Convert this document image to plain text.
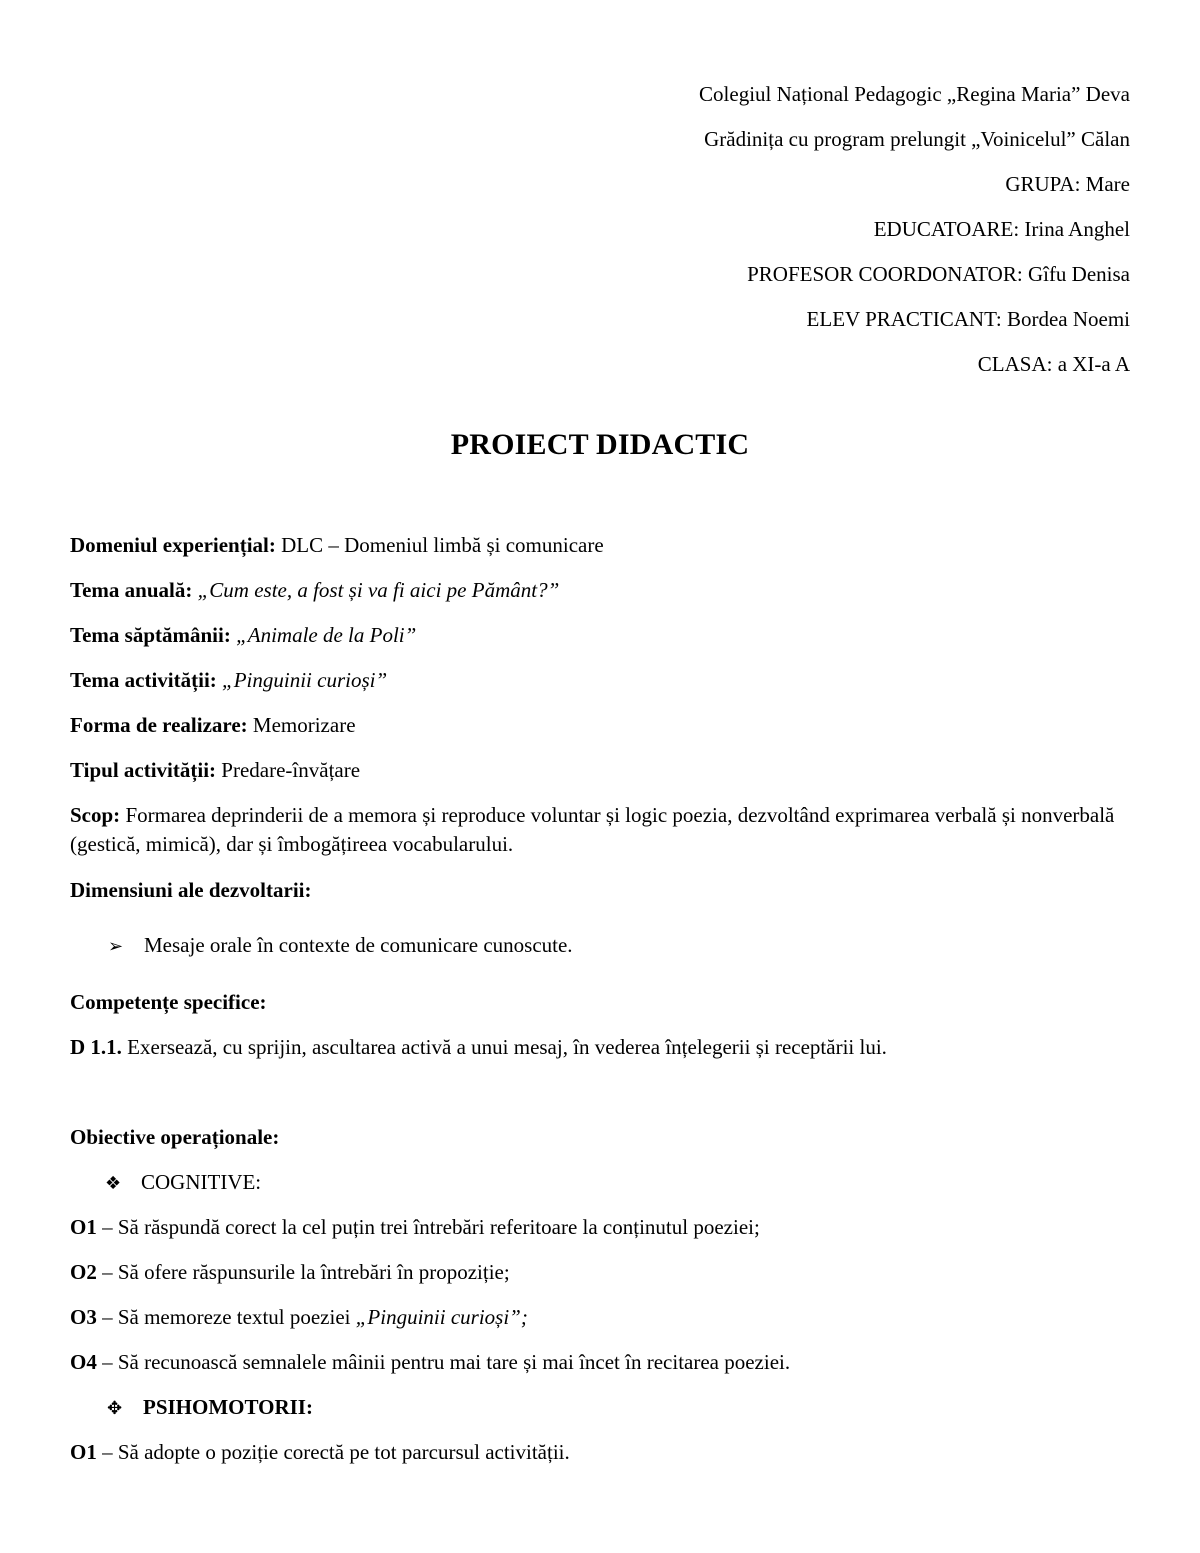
Colegiul Național Pedagogic „Regina Maria” Deva
Grădinița cu program prelungit „Voinicelul” Călan
GRUPA: Mare
EDUCATOARE: Irina Anghel
PROFESOR COORDONATOR: Gîfu Denisa
ELEV PRACTICANT: Bordea Noemi
CLASA: a XI-a A
PROIECT DIDACTIC
Domeniul experiențial: DLC – Domeniul limbă și comunicare
Tema anuală: „Cum este, a fost și va fi aici pe Pământ?”
Tema săptămânii: „Animale de la Poli”
Tema activității: „Pinguinii curioși”
Forma de realizare: Memorizare
Tipul activității: Predare-învățare
Scop: Formarea deprinderii de a memora și reproduce voluntar și logic poezia, dezvoltând exprimarea verbală și nonverbală (gestică, mimică), dar și îmbogățireea vocabularului.
Dimensiuni ale dezvoltarii:
➢ Mesaje orale în contexte de comunicare cunoscute.
Competențe specifice:
D 1.1. Exersează, cu sprijin, ascultarea activă a unui mesaj, în vederea înțelegerii și receptării lui.
Obiective operaționale:
❖ COGNITIVE:
O1 – Să răspundă corect la cel puțin trei întrebări referitoare la conținutul poeziei;
O2 – Să ofere răspunsurile la întrebări în propoziție;
O3 – Să memoreze textul poeziei „Pinguinii curioși”;
O4 – Să recunoască semnalele mâinii pentru mai tare și mai încet în recitarea poeziei.
✥ PSIHOMOTORII:
O1 – Să adopte o poziție corectă pe tot parcursul activității.
